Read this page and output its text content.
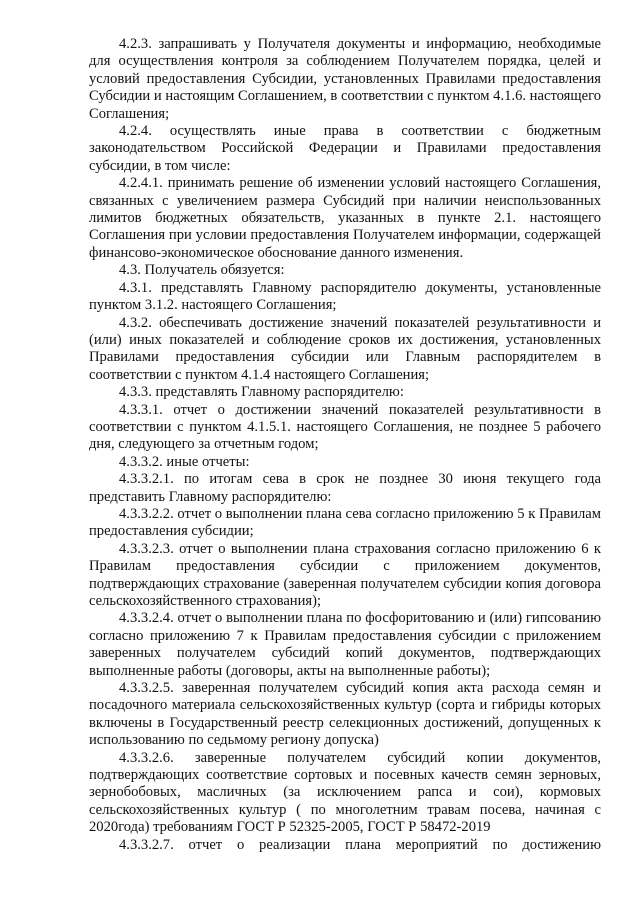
4.2.3. запрашивать у Получателя документы и информацию, необходимые для осуществления контроля за соблюдением Получателем порядка, целей и условий предоставления Субсидии, установленных Правилами предоставления Субсидии и настоящим Соглашением, в соответствии с пунктом 4.1.6. настоящего Соглашения;

4.2.4. осуществлять иные права в соответствии с бюджетным законодательством Российской Федерации и Правилами предоставления субсидии, в том числе:

4.2.4.1. принимать решение об изменении условий настоящего Соглашения, связанных с увеличением размера Субсидий при наличии неиспользованных лимитов бюджетных обязательств, указанных в пункте 2.1. настоящего Соглашения при условии предоставления Получателем информации, содержащей финансово-экономическое обоснование данного изменения.

4.3. Получатель обязуется:

4.3.1. представлять Главному распорядителю документы, установленные пунктом 3.1.2. настоящего Соглашения;

4.3.2. обеспечивать достижение значений показателей результативности и (или) иных показателей и соблюдение сроков их достижения, установленных Правилами предоставления субсидии или Главным распорядителем в соответствии с пунктом 4.1.4 настоящего Соглашения;

4.3.3. представлять Главному распорядителю:

4.3.3.1. отчет о достижении значений показателей результативности в соответствии с пунктом 4.1.5.1. настоящего Соглашения, не позднее 5 рабочего дня, следующего за отчетным годом;

4.3.3.2. иные отчеты:

4.3.3.2.1. по итогам сева в срок не позднее 30 июня текущего года представить Главному распорядителю:

4.3.3.2.2. отчет о выполнении плана сева согласно приложению 5 к Правилам предоставления субсидии;

4.3.3.2.3. отчет о выполнении плана страхования согласно приложению 6 к Правилам предоставления субсидии с приложением документов, подтверждающих страхование (заверенная получателем субсидии копия договора сельскохозяйственного страхования);

4.3.3.2.4. отчет о выполнении плана по фосфоритованию и (или) гипсованию согласно приложению 7 к Правилам предоставления субсидии с приложением заверенных получателем субсидий копий документов, подтверждающих выполненные работы (договоры, акты на выполненные работы);

4.3.3.2.5. заверенная получателем субсидий копия акта расхода семян и посадочного материала сельскохозяйственных культур (сорта и гибриды которых включены в Государственный реестр селекционных достижений, допущенных к использованию по седьмому региону допуска)

4.3.3.2.6. заверенные получателем субсидий копии документов, подтверждающих соответствие сортовых и посевных качеств семян зерновых, зернобобовых, масличных (за исключением рапса и сои), кормовых сельскохозяйственных культур ( по многолетним травам посева, начиная с 2020года) требованиям ГОСТ Р 52325-2005, ГОСТ Р 58472-2019

4.3.3.2.7. отчет о реализации плана мероприятий по достижению
